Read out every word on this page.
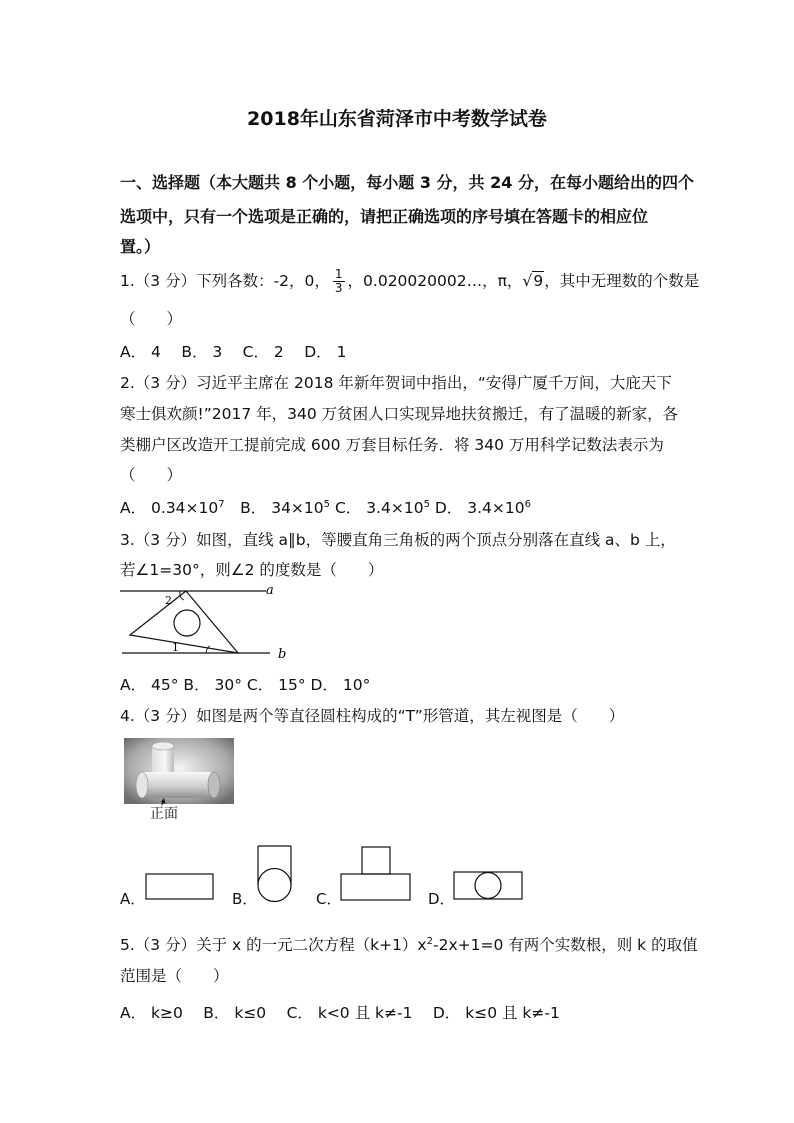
2018年山东省菏泽市中考数学试卷
一、选择题（本大题共 8 个小题，每小题 3 分，共 24 分，在每小题给出的四个
选项中，只有一个选项是正确的，请把正确选项的序号填在答题卡的相应位
置。）
1.（3 分）下列各数：-2，0， $\frac{1}{3}$ ，0.020020002…，π，√9，其中无理数的个数是
（　　）
A． 4　 B． 3　 C． 2　 D． 1
2.（3 分）习近平主席在 2018 年新年贺词中指出，“安得广厦千万间，大庇天下
寒士俱欢颜!”2017 年，340 万贫困人口实现异地扶贫搬迁，有了温暖的新家，各
类棚户区改造开工提前完成 600 万套目标任务．将 340 万用科学记数法表示为
（　　）
A． $0.34\times 10^7$　B． $34\times 10^5$ C． $3.4\times 10^5$ D． $3.4\times 10^6$
3.（3 分）如图，直线 a∥b，等腰直角三角板的两个顶点分别落在直线 a、b 上，
若∠1=30°，则∠2 的度数是（　　）
a
b
1
2
A． 45° B． 30° C． 15° D． 10°
4.（3 分）如图是两个等直径圆柱构成的“T”形管道，其左视图是（　　）
正面
A．	B．	C．	D．
5.（3 分）关于 x 的一元二次方程$(k+1)x^2-2x+1=0$ 有两个实数根，则 k 的取值
范围是（　　）
A． k≥0　 B． k≤0　 C． k<0 且 k≠-1　 D． k≤0 且 k≠-1
